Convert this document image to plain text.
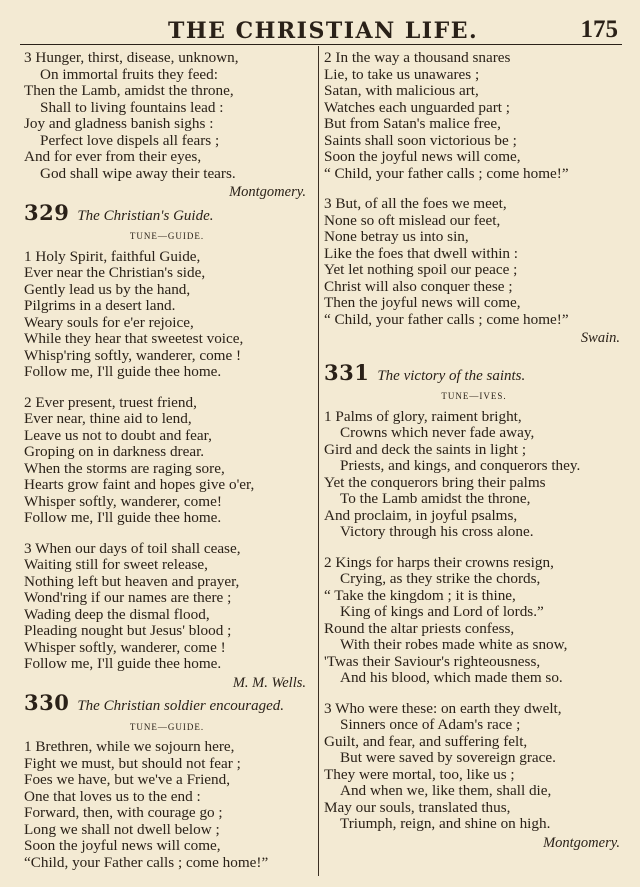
THE CHRISTIAN LIFE.	175
3 Hunger, thirst, disease, unknown,
On immortal fruits they feed:
Then the Lamb, amidst the throne,
Shall to living fountains lead :
Joy and gladness banish sighs :
Perfect love dispels all fears ;
And for ever from their eyes,
God shall wipe away their tears.
Montgomery.
329 The Christian's Guide.
TUNE—GUIDE.
1 Holy Spirit, faithful Guide,
Ever near the Christian's side,
Gently lead us by the hand,
Pilgrims in a desert land.
Weary souls for e'er rejoice,
While they hear that sweetest voice,
Whisp'ring softly, wanderer, come !
Follow me, I'll guide thee home.
2 Ever present, truest friend,
Ever near, thine aid to lend,
Leave us not to doubt and fear,
Groping on in darkness drear.
When the storms are raging sore,
Hearts grow faint and hopes give o'er,
Whisper softly, wanderer, come!
Follow me, I'll guide thee home.
3 When our days of toil shall cease,
Waiting still for sweet release,
Nothing left but heaven and prayer,
Wond'ring if our names are there ;
Wading deep the dismal flood,
Pleading nought but Jesus' blood ;
Whisper softly, wanderer, come !
Follow me, I'll guide thee home.
M. M. Wells.
330 The Christian soldier encouraged.
TUNE—GUIDE.
1 Brethren, while we sojourn here,
Fight we must, but should not fear ;
Foes we have, but we've a Friend,
One that loves us to the end :
Forward, then, with courage go ;
Long we shall not dwell below ;
Soon the joyful news will come,
“Child, your Father calls ; come home!”
2 In the way a thousand snares
Lie, to take us unawares ;
Satan, with malicious art,
Watches each unguarded part ;
But from Satan's malice free,
Saints shall soon victorious be ;
Soon the joyful news will come,
“ Child, your father calls ; come home!”
3 But, of all the foes we meet,
None so oft mislead our feet,
None betray us into sin,
Like the foes that dwell within :
Yet let nothing spoil our peace ;
Christ will also conquer these ;
Then the joyful news will come,
“ Child, your father calls ; come home!”
Swain.
331 The victory of the saints.
TUNE—IVES.
1 Palms of glory, raiment bright,
Crowns which never fade away,
Gird and deck the saints in light ;
Priests, and kings, and conquerors they.
Yet the conquerors bring their palms
To the Lamb amidst the throne,
And proclaim, in joyful psalms,
Victory through his cross alone.
2 Kings for harps their crowns resign,
Crying, as they strike the chords,
“ Take the kingdom ; it is thine,
King of kings and Lord of lords.”
Round the altar priests confess,
With their robes made white as snow,
'Twas their Saviour's righteousness,
And his blood, which made them so.
3 Who were these: on earth they dwelt,
Sinners once of Adam's race ;
Guilt, and fear, and suffering felt,
But were saved by sovereign grace.
They were mortal, too, like us ;
And when we, like them, shall die,
May our souls, translated thus,
Triumph, reign, and shine on high.
Montgomery.
